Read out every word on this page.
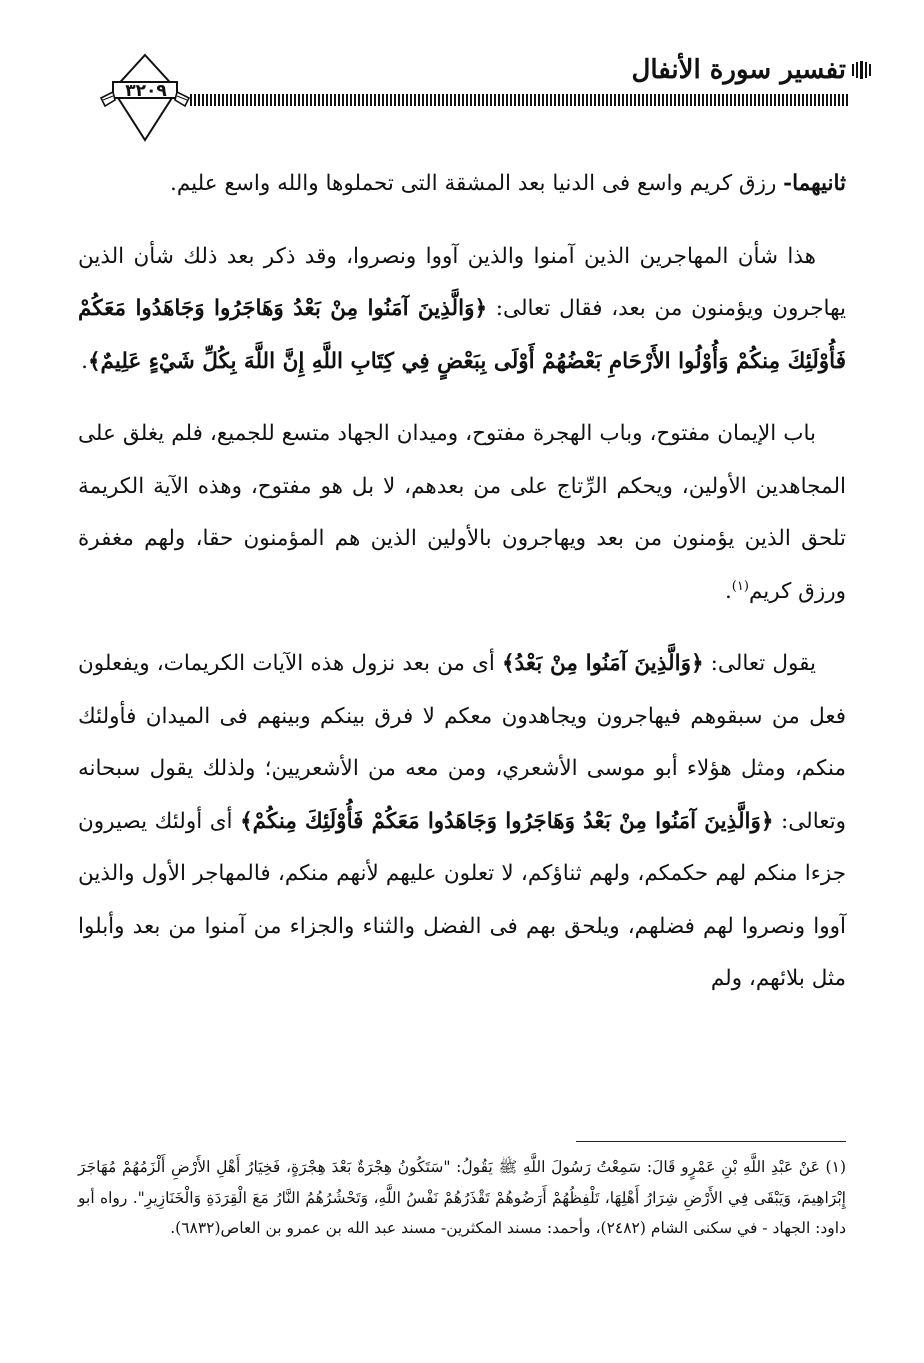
تفسير سورة الأنفال
٣٢٠٩

ثانيهما- رزق كريم واسع فى الدنيا بعد المشقة التى تحملوها والله واسع عليم.

هذا شأن المهاجرين الذين آمنوا والذين آووا ونصروا، وقد ذكر بعد ذلك شأن الذين يهاجرون ويؤمنون من بعد، فقال تعالى: ﴿وَالَّذِينَ آمَنُوا مِنْ بَعْدُ وَهَاجَرُوا وَجَاهَدُوا مَعَكُمْ فَأُوْلَئِكَ مِنكُمْ وَأُوْلُوا الأَرْحَامِ بَعْضُهُمْ أَوْلَى بِبَعْضٍ فِي كِتَابِ اللَّهِ إِنَّ اللَّهَ بِكُلِّ شَيْءٍ عَلِيمٌ﴾.

باب الإيمان مفتوح، وباب الهجرة مفتوح، وميدان الجهاد متسع للجميع، فلم يغلق على المجاهدين الأولين، ويحكم الرِّتاج على من بعدهم، لا بل هو مفتوح، وهذه الآية الكريمة تلحق الذين يؤمنون من بعد ويهاجرون بالأولين الذين هم المؤمنون حقا، ولهم مغفرة ورزق كريم$^{(١)}$.

يقول تعالى: ﴿وَالَّذِينَ آمَنُوا مِنْ بَعْدُ﴾ أى من بعد نزول هذه الآيات الكريمات، ويفعلون فعل من سبقوهم فيهاجرون ويجاهدون معكم لا فرق بينكم وبينهم فى الميدان فأولئك منكم، ومثل هؤلاء أبو موسى الأشعري، ومن معه من الأشعريين؛ ولذلك يقول سبحانه وتعالى: ﴿وَالَّذِينَ آمَنُوا مِنْ بَعْدُ وَهَاجَرُوا وَجَاهَدُوا مَعَكُمْ فَأُوْلَئِكَ مِنكُمْ﴾ أى أولئك يصيرون جزءا منكم لهم حكمكم، ولهم ثناؤكم، لا تعلون عليهم لأنهم منكم، فالمهاجر الأول والذين آووا ونصروا لهم فضلهم، ويلحق بهم فى الفضل والثناء والجزاء من آمنوا من بعد وأبلوا مثل بلائهم، ولم

(١) عَنْ عَبْدِ اللَّهِ بْنِ عَمْرٍو قَالَ: سَمِعْتُ رَسُولَ اللَّهِ ﷺ يَقُولُ: "سَتَكُونُ هِجْرَةٌ بَعْدَ هِجْرَةٍ، فَخِيَارُ أَهْلِ الأَرْضِ أَلْزَمُهُمْ مُهَاجَرَ إِبْرَاهِيمَ، وَيَبْقَى فِي الأَرْضِ شِرَارُ أَهْلِهَا، تَلْفِظُهُمْ أَرَضُوهُمْ تَقْذَرُهُمْ نَفْسُ اللَّهِ، وَتَحْشُرُهُمُ النَّارُ مَعَ الْقِرَدَةِ وَالْخَنَازِيرِ". رواه أبو داود: الجهاد - في سكنى الشام (٢٤٨٢)، وأحمد: مسند المكثرين- مسند عبد الله بن عمرو بن العاص(٦٨٣٢).
